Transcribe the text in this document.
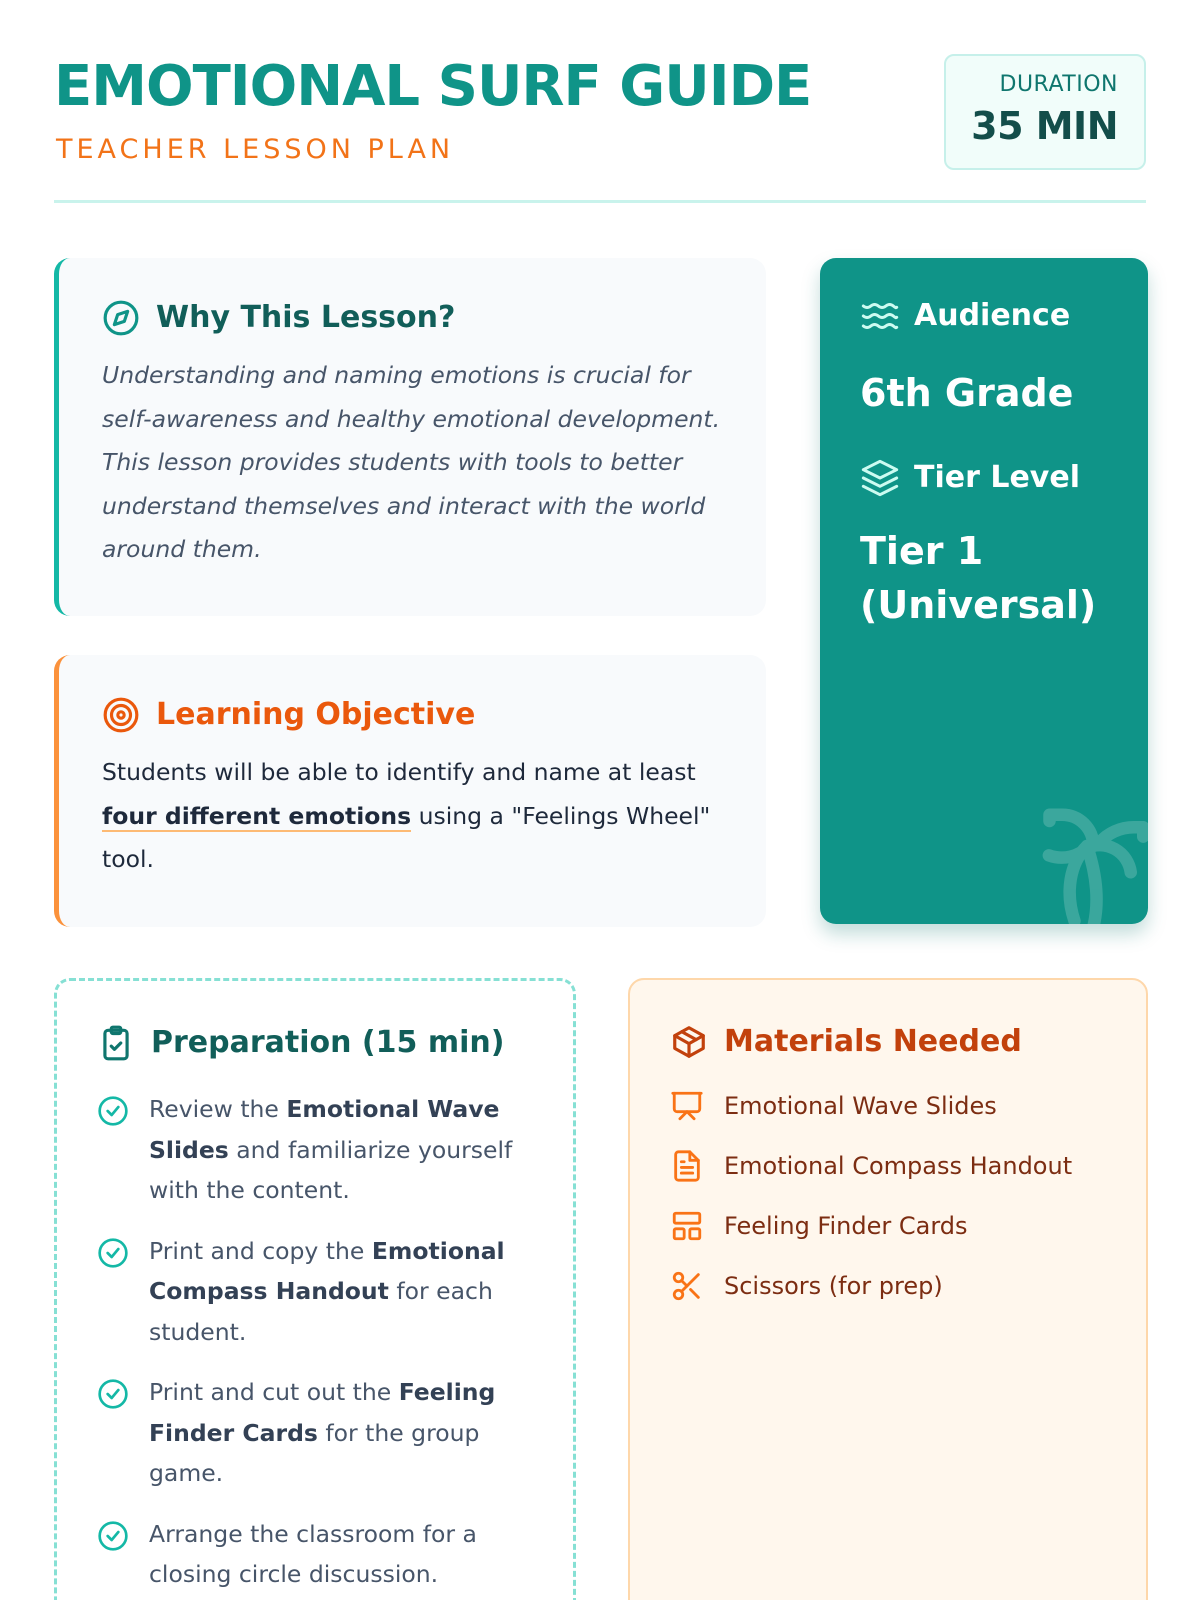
EMOTIONAL SURF GUIDE
TEACHER LESSON PLAN
DURATION
35 MIN
Why This Lesson?

Understanding and naming emotions is crucial for self-awareness and healthy emotional development. This lesson provides students with tools to better understand themselves and interact with the world around them.

Learning Objective

Students will be able to identify and name at least four different emotions using a "Feelings Wheel" tool.

Audience
6th Grade
Tier Level
Tier 1 (Universal)
Preparation (15 min)
Review the Emotional Wave Slides and familiarize yourself with the content.
Print and copy the Emotional Compass Handout for each student.
Print and cut out the Feeling Finder Cards for the group game.
Arrange the classroom for a closing circle discussion.
Materials Needed
Emotional Wave Slides
Emotional Compass Handout
Feeling Finder Cards
Scissors (for prep)
